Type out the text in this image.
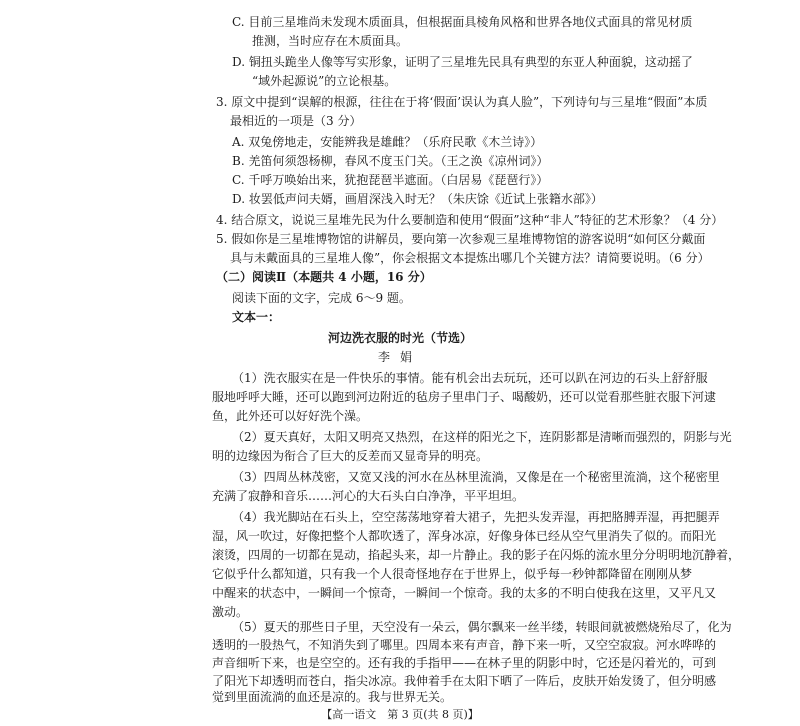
C. 目前三星堆尚未发现木质面具，但根据面具棱角风格和世界各地仪式面具的常见材质
推测，当时应存在木质面具。
D. 铜扭头跪坐人像等写实形象，证明了三星堆先民具有典型的东亚人种面貌，这动摇了
“域外起源说”的立论根基。
3. 原文中提到“误解的根源，往往在于将‘假面’误认为真人脸”，下列诗句与三星堆“假面”本质
最相近的一项是（3 分）
A. 双兔傍地走，安能辨我是雄雌？（乐府民歌《木兰诗》）
B. 羌笛何须怨杨柳，春风不度玉门关。（王之涣《凉州词》）
C. 千呼万唤始出来，犹抱琵琶半遮面。（白居易《琵琶行》）
D. 妆罢低声问夫婿，画眉深浅入时无？（朱庆馀《近试上张籍水部》）
4. 结合原文，说说三星堆先民为什么要制造和使用“假面”这种“非人”特征的艺术形象？（4 分）
5. 假如你是三星堆博物馆的讲解员，要向第一次参观三星堆博物馆的游客说明“如何区分戴面
具与未戴面具的三星堆人像”，你会根据文本提炼出哪几个关键方法？请简要说明。（6 分）
（二）阅读Ⅱ（本题共 4 小题，16 分）
阅读下面的文字，完成 6～9 题。
文本一：
河边洗衣服的时光（节选）
李娟
（1）洗衣服实在是一件快乐的事情。能有机会出去玩玩，还可以趴在河边的石头上舒舒服
服地呼呼大睡，还可以跑到河边附近的毡房子里串门子、喝酸奶，还可以觉看那些脏衣服下河逮
鱼，此外还可以好好洗个澡。
（2）夏天真好，太阳又明亮又热烈，在这样的阳光之下，连阴影都是清晰而强烈的，阴影与光
明的边缘因为衔合了巨大的反差而又显奇异的明亮。
（3）四周丛林茂密，又宽又浅的河水在丛林里流淌，又像是在一个秘密里流淌，这个秘密里
充满了寂静和音乐……河心的大石头白白净净，平平坦坦。
（4）我光脚站在石头上，空空荡荡地穿着大裙子，先把头发弄湿，再把胳膊弄湿，再把腿弄
湿，风一吹过，好像把整个人都吹透了，浑身冰凉，好像身体已经从空气里消失了似的。而阳光
滚烫，四周的一切都在晃动，掐起头来，却一片静止。我的影子在闪烁的流水里分分明明地沉静着，
它似乎什么都知道，只有我一个人很奇怪地存在于世界上，似乎每一秒钟都降留在刚刚从梦
中醒来的状态中，一瞬间一个惊奇，一瞬间一个惊奇。我的太多的不明白使我在这里，又平凡又
激动。
（5）夏天的那些日子里，天空没有一朵云，偶尔飘来一丝半缕，转眼间就被燃烧殆尽了，化为
透明的一股热气，不知消失到了哪里。四周本来有声音，静下来一听，又空空寂寂。河水哗哗的
声音细听下来，也是空空的。还有我的手指甲——在林子里的阴影中时，它还是闪着光的，可到
了阳光下却透明而苍白，指尖冰凉。我伸着手在太阳下晒了一阵后，皮肤开始发烫了，但分明感
觉到里面流淌的血还是凉的。我与世界无关。
【高一语文　第 3 页(共 8 页)】
